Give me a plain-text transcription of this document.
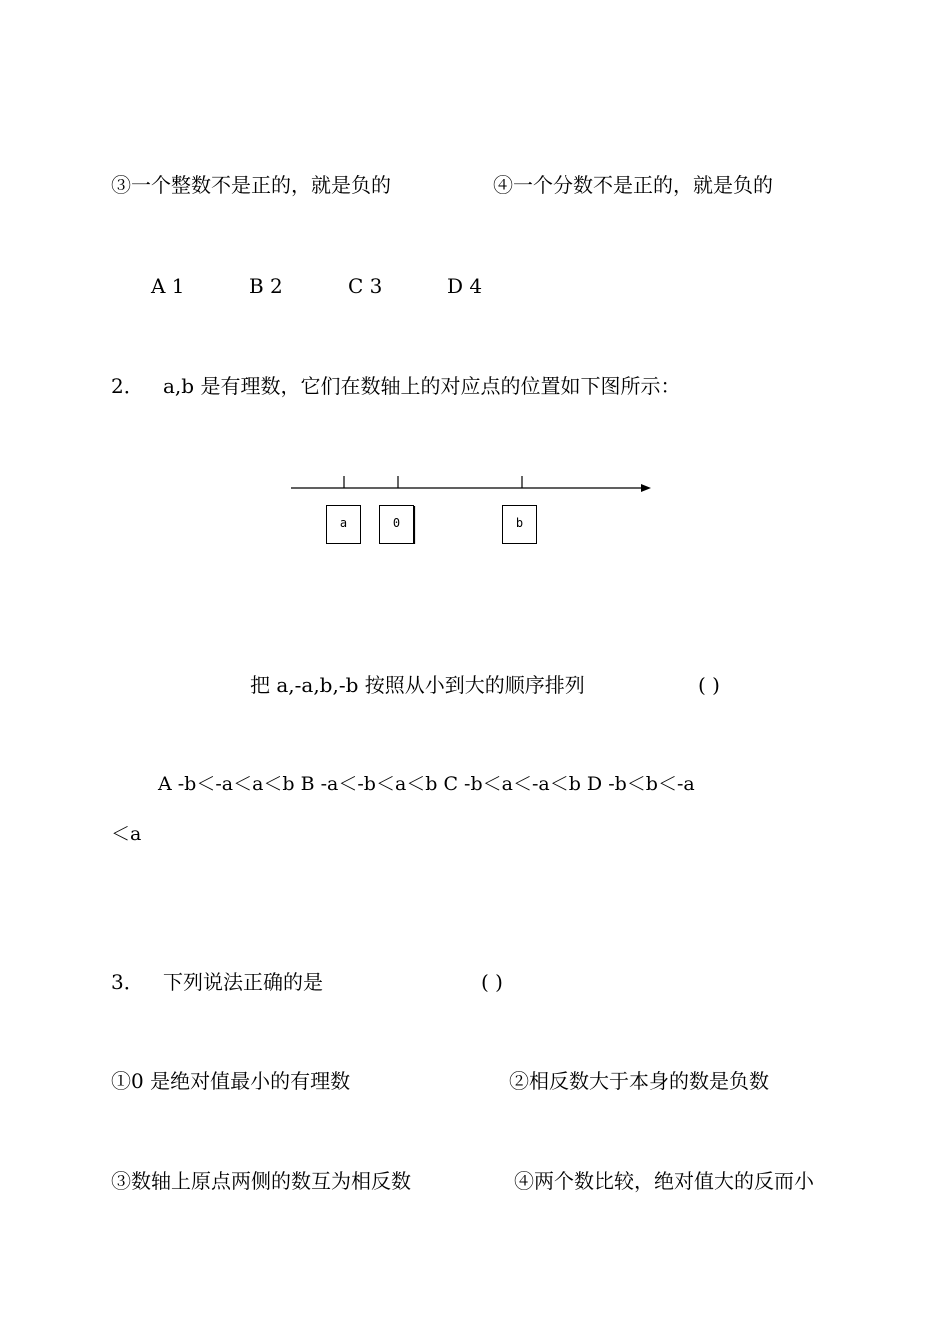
③一个整数不是正的，就是负的	④一个分数不是正的，就是负的
A 1	B 2	C 3	D 4
2． a,b 是有理数，它们在数轴上的对应点的位置如下图所示：
a	0	b
把 a,-a,b,-b 按照从小到大的顺序排列	( )
A -b＜-a＜a＜b B -a＜-b＜a＜b C -b＜a＜-a＜b D -b＜b＜-a
＜a
3． 下列说法正确的是	( )
①0 是绝对值最小的有理数	②相反数大于本身的数是负数
③数轴上原点两侧的数互为相反数	④两个数比较，绝对值大的反而小
